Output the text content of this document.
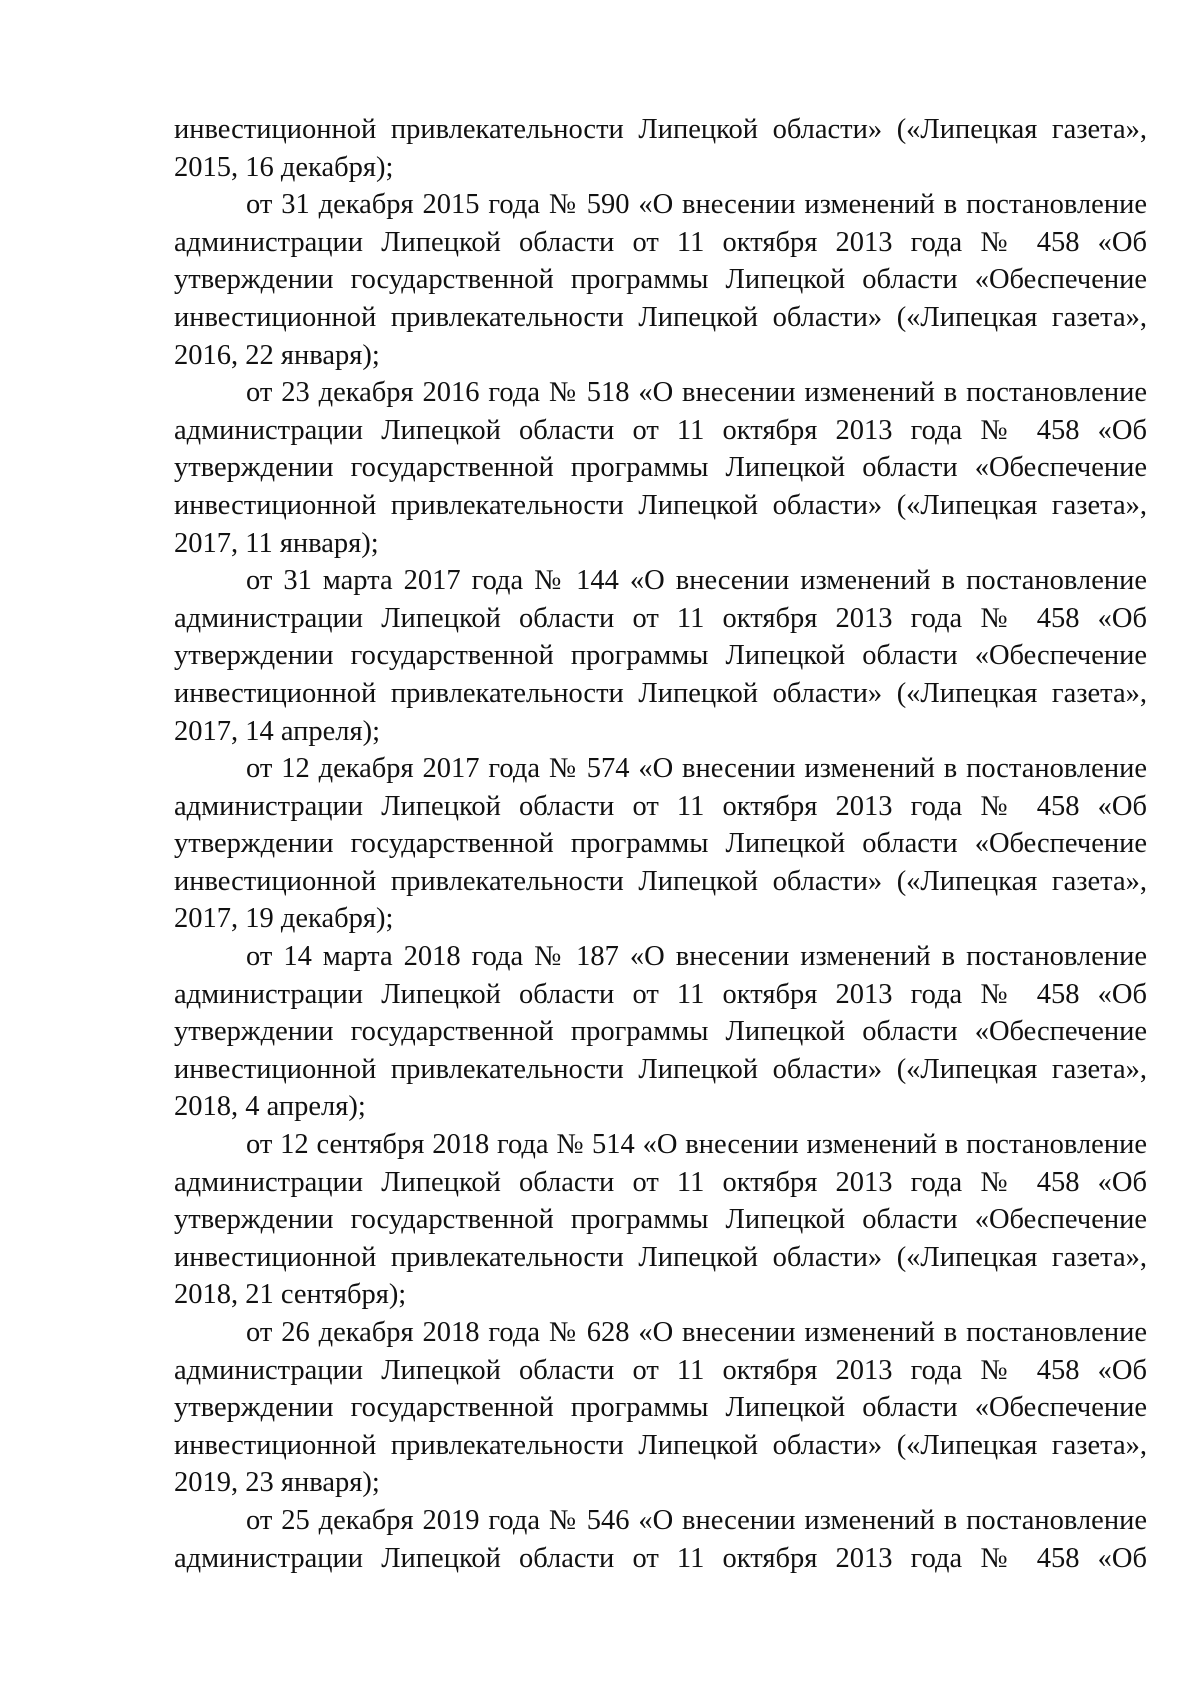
инвестиционной привлекательности Липецкой области» («Липецкая газета»,
2015, 16 декабря);
от 31 декабря 2015 года № 590 «О внесении изменений в постановление
администрации Липецкой области от 11 октября 2013 года № 458 «Об
утверждении государственной программы Липецкой области «Обеспечение
инвестиционной привлекательности Липецкой области» («Липецкая газета»,
2016, 22 января);
от 23 декабря 2016 года № 518 «О внесении изменений в постановление
администрации Липецкой области от 11 октября 2013 года № 458 «Об
утверждении государственной программы Липецкой области «Обеспечение
инвестиционной привлекательности Липецкой области» («Липецкая газета»,
2017, 11 января);
от 31 марта 2017 года № 144 «О внесении изменений в постановление
администрации Липецкой области от 11 октября 2013 года № 458 «Об
утверждении государственной программы Липецкой области «Обеспечение
инвестиционной привлекательности Липецкой области» («Липецкая газета»,
2017, 14 апреля);
от 12 декабря 2017 года № 574 «О внесении изменений в постановление
администрации Липецкой области от 11 октября 2013 года № 458 «Об
утверждении государственной программы Липецкой области «Обеспечение
инвестиционной привлекательности Липецкой области» («Липецкая газета»,
2017, 19 декабря);
от 14 марта 2018 года № 187 «О внесении изменений в постановление
администрации Липецкой области от 11 октября 2013 года № 458 «Об
утверждении государственной программы Липецкой области «Обеспечение
инвестиционной привлекательности Липецкой области» («Липецкая газета»,
2018, 4 апреля);
от 12 сентября 2018 года № 514 «О внесении изменений в постановление
администрации Липецкой области от 11 октября 2013 года № 458 «Об
утверждении государственной программы Липецкой области «Обеспечение
инвестиционной привлекательности Липецкой области» («Липецкая газета»,
2018, 21 сентября);
от 26 декабря 2018 года № 628 «О внесении изменений в постановление
администрации Липецкой области от 11 октября 2013 года № 458 «Об
утверждении государственной программы Липецкой области «Обеспечение
инвестиционной привлекательности Липецкой области» («Липецкая газета»,
2019, 23 января);
от 25 декабря 2019 года № 546 «О внесении изменений в постановление
администрации Липецкой области от 11 октября 2013 года № 458 «Об
